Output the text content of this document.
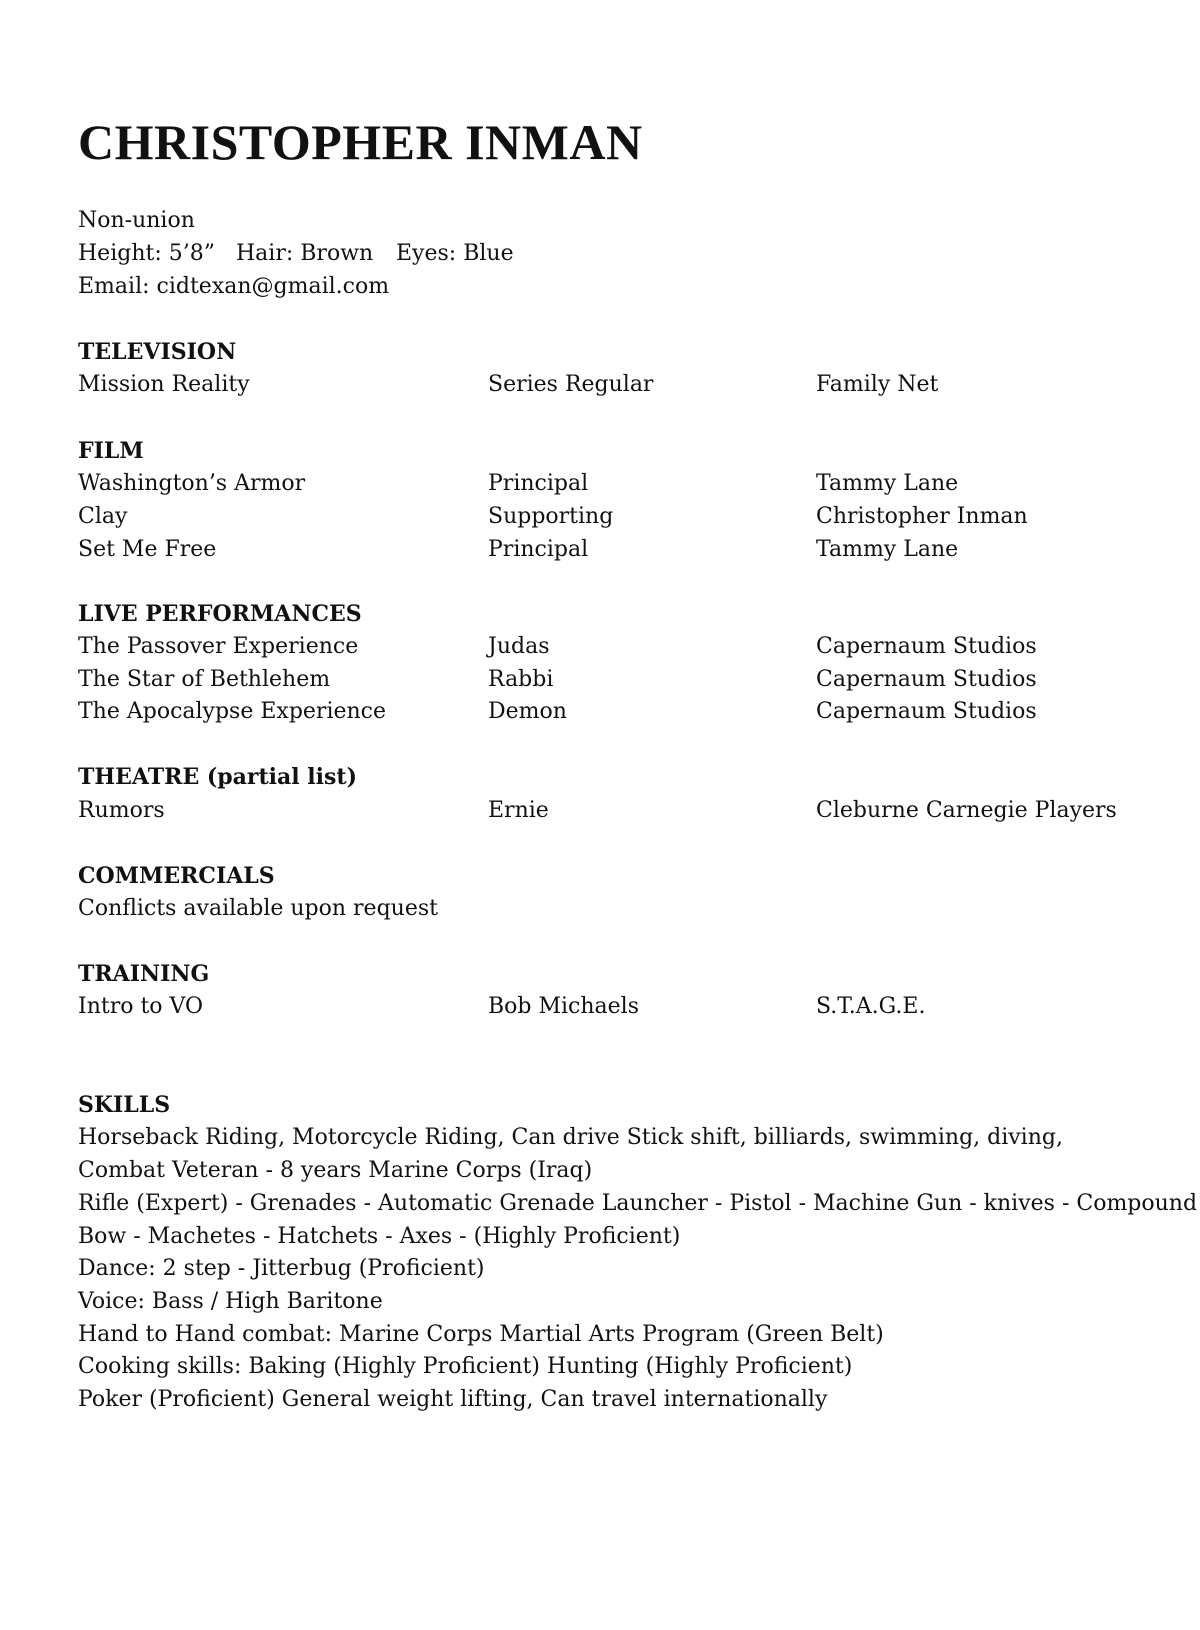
CHRISTOPHER INMAN
Non-union
Height: 5’8” Hair: Brown Eyes: Blue
Email: cidtexan@gmail.com
TELEVISION
Mission Reality	Series Regular	Family Net
FILM
Washington’s Armor	Principal	Tammy Lane
Clay	Supporting	Christopher Inman
Set Me Free	Principal	Tammy Lane
LIVE PERFORMANCES
The Passover Experience	Judas	Capernaum Studios
The Star of Bethlehem	Rabbi	Capernaum Studios
The Apocalypse Experience	Demon	Capernaum Studios
THEATRE (partial list)
Rumors	Ernie	Cleburne Carnegie Players
COMMERCIALS
Conflicts available upon request
TRAINING
Intro to VO	Bob Michaels	S.T.A.G.E.
SKILLS
Horseback Riding, Motorcycle Riding, Can drive Stick shift, billiards, swimming, diving,
Combat Veteran - 8 years Marine Corps (Iraq)
Rifle (Expert) - Grenades - Automatic Grenade Launcher - Pistol - Machine Gun - knives - Compound
Bow - Machetes - Hatchets - Axes - (Highly Proficient)
Dance: 2 step - Jitterbug (Proficient)
Voice: Bass / High Baritone
Hand to Hand combat: Marine Corps Martial Arts Program (Green Belt)
Cooking skills: Baking (Highly Proficient) Hunting (Highly Proficient)
Poker (Proficient) General weight lifting, Can travel internationally
